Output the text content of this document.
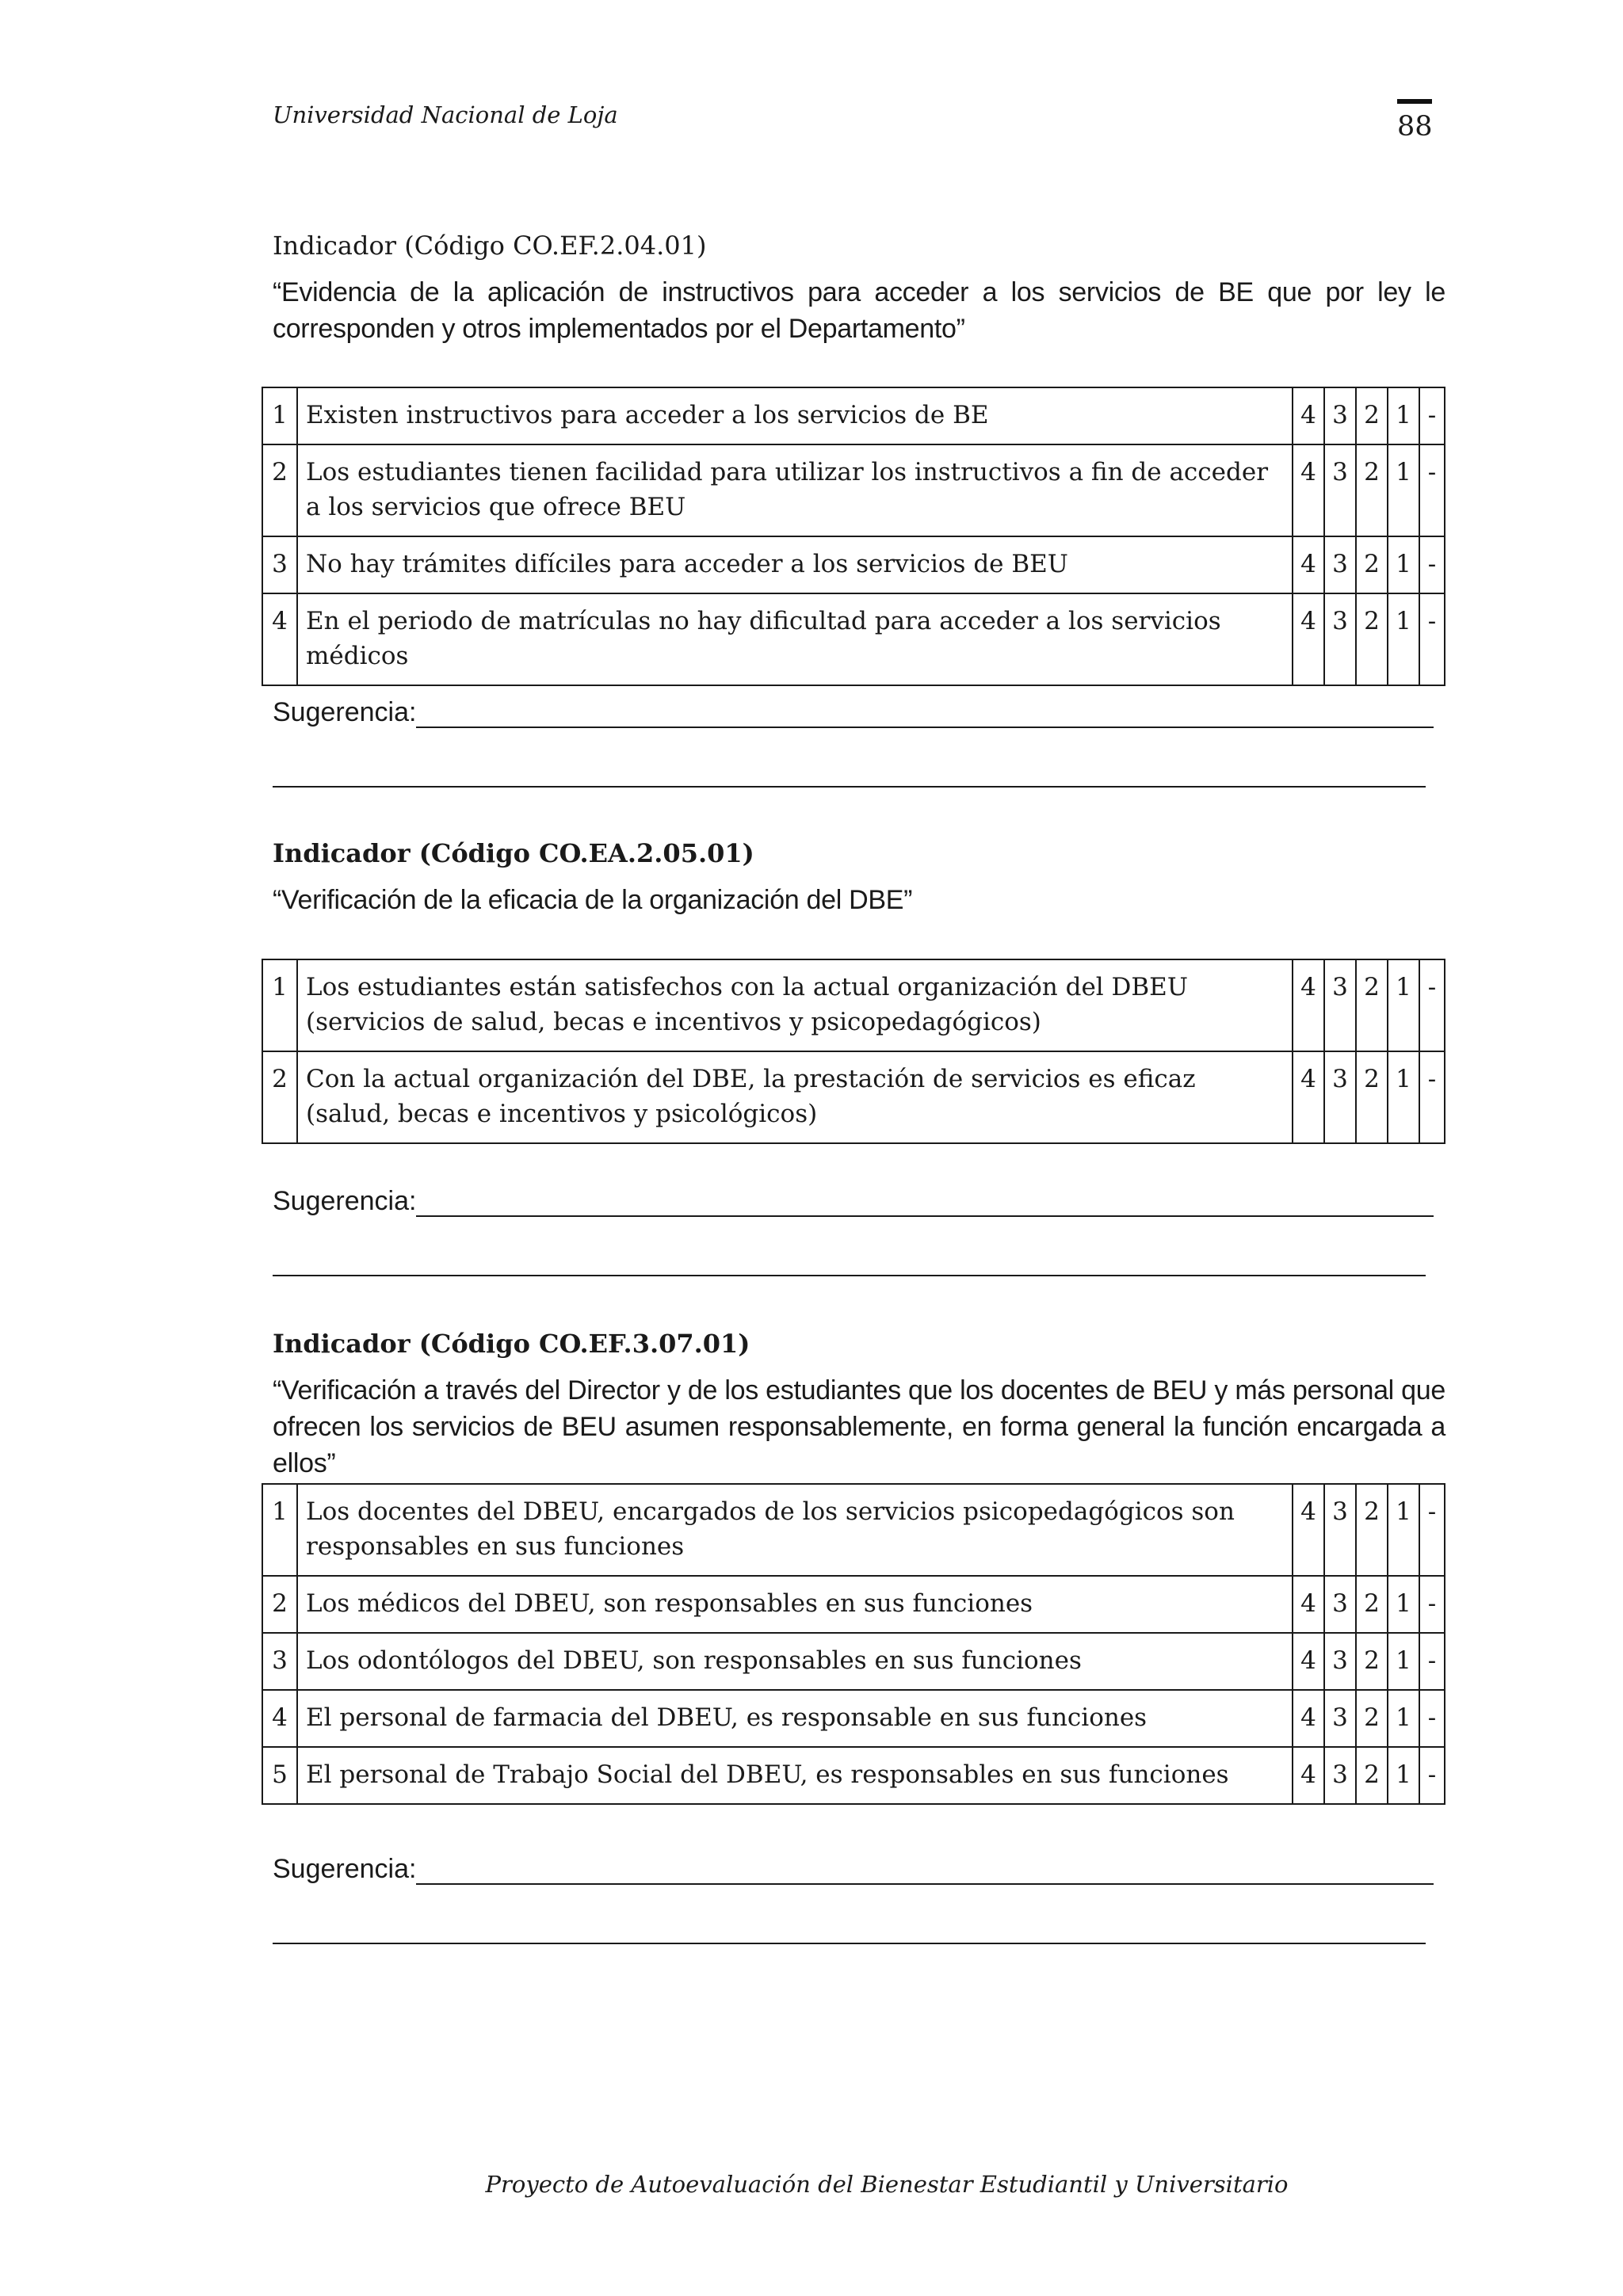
Universidad Nacional de Loja	88

Indicador (Código CO.EF.2.04.01)

“Evidencia de la aplicación de instructivos para acceder a los servicios de BE que por ley le corresponden y otros implementados por el Departamento”

1	Existen instructivos para acceder a los servicios de BE	4	3	2	1	-
2	Los estudiantes tienen facilidad para utilizar los instructivos a fin de acceder a los servicios que ofrece BEU	4	3	2	1	-
3	No hay trámites difíciles para acceder a los servicios de BEU	4	3	2	1	-
4	En el periodo de matrículas no hay dificultad para acceder a los servicios médicos	4	3	2	1	-
Sugerencia:

Indicador (Código CO.EA.2.05.01)

“Verificación de la eficacia de la organización del DBE”

1	Los estudiantes están satisfechos con la actual organización del DBEU (servicios de salud, becas e incentivos y psicopedagógicos)	4	3	2	1	-
2	Con la actual organización del DBE, la prestación de servicios es eficaz (salud, becas e incentivos y psicológicos)	4	3	2	1	-
Sugerencia:

Indicador (Código CO.EF.3.07.01)

“Verificación a través del Director y de los estudiantes que los docentes de BEU y más personal que ofrecen los servicios de BEU asumen responsablemente, en forma general la función encargada a ellos”

1	Los docentes del DBEU, encargados de los servicios psicopedagógicos son responsables en sus funciones	4	3	2	1	-
2	Los médicos del DBEU, son responsables en sus funciones	4	3	2	1	-
3	Los odontólogos del DBEU, son responsables en sus funciones	4	3	2	1	-
4	El personal de farmacia del DBEU, es responsable en sus funciones	4	3	2	1	-
5	El personal de Trabajo Social del DBEU, es responsables en sus funciones	4	3	2	1	-
Sugerencia:
Proyecto de Autoevaluación del Bienestar Estudiantil y Universitario
